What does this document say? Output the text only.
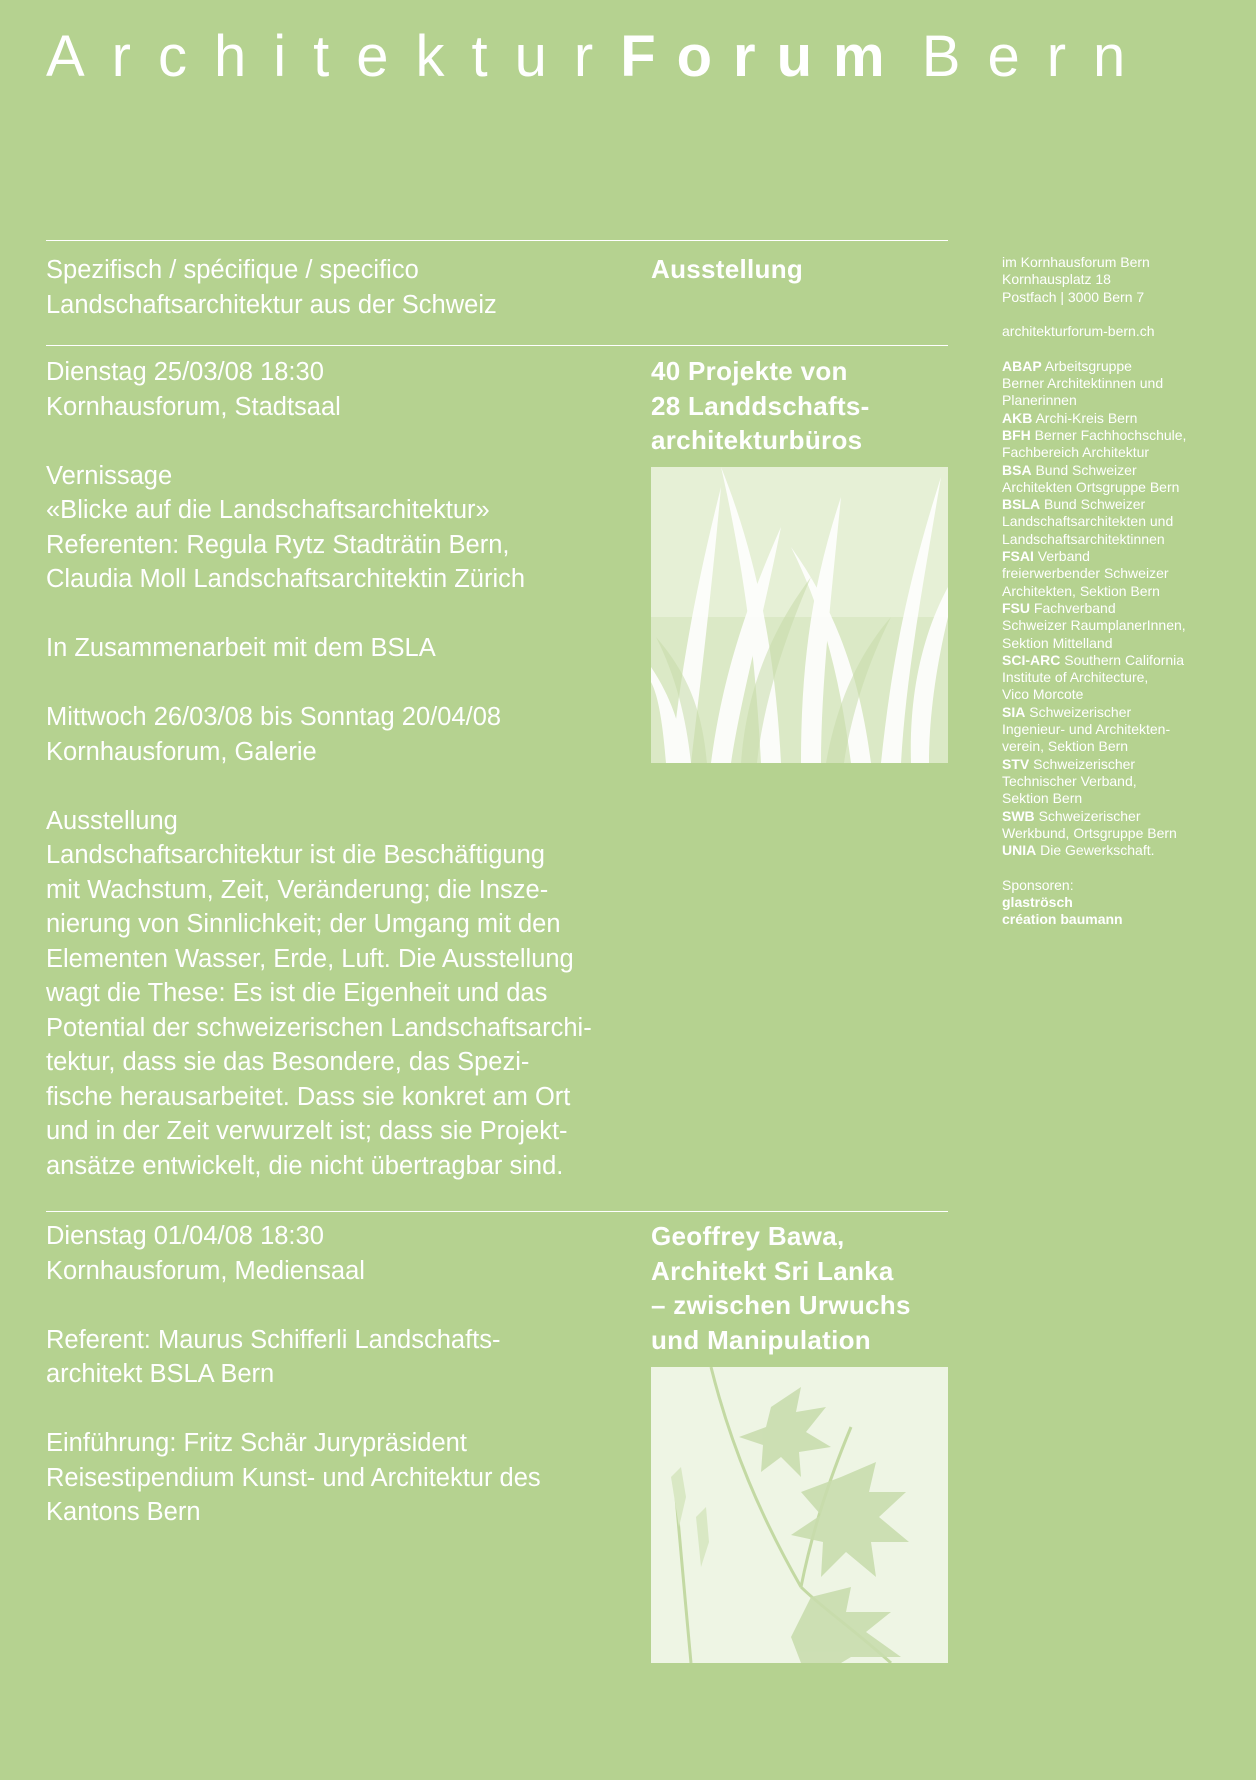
ArchitekturForum Bern

Spezifisch / spécifique / specifico

Landschaftsarchitektur aus der Schweiz

Ausstellung

Dienstag 25/03/08 18:30

Kornhausforum, Stadtsaal

Vernissage

«Blicke auf die Landschaftsarchitektur»

Referenten: Regula Rytz Stadträtin Bern,

Claudia Moll Landschaftsarchitektin Zürich

In Zusammenarbeit mit dem BSLA

Mittwoch 26/03/08 bis Sonntag 20/04/08

Kornhausforum, Galerie

Ausstellung

Landschaftsarchitektur ist die Beschäftigung

mit Wachstum, Zeit, Veränderung; die Insze-

nierung von Sinnlichkeit; der Umgang mit den

Elementen Wasser, Erde, Luft. Die Ausstellung

wagt die These: Es ist die Eigenheit und das

Potential der schweizerischen Landschaftsarchi-

tektur, dass sie das Besondere, das Spezi-

fische herausarbeitet. Dass sie konkret am Ort

und in der Zeit verwurzelt ist; dass sie Projekt-

ansätze entwickelt, die nicht übertragbar sind.

40 Projekte von
28 Landdschafts-
architekturbüros

Dienstag 01/04/08 18:30

Kornhausforum, Mediensaal

Referent: Maurus Schifferli Landschafts-

architekt BSLA Bern

Einführung: Fritz Schär Jurypräsident

Reisestipendium Kunst- und Architektur des

Kantons Bern

Geoffrey Bawa,
Architekt Sri Lanka
– zwischen Urwuchs
und Manipulation
im Kornhausforum Bern
Kornhausplatz 18
Postfach | 3000 Bern 7
architekturforum-bern.ch
ABAP Arbeitsgruppe
Berner Architektinnen und
Planerinnen
AKB Archi-Kreis Bern
BFH Berner Fachhochschule,
Fachbereich Architektur
BSA Bund Schweizer
Architekten Ortsgruppe Bern
BSLA Bund Schweizer
Landschaftsarchitekten und
Landschaftsarchitektinnen
FSAI Verband
freierwerbender Schweizer
Architekten, Sektion Bern
FSU Fachverband
Schweizer RaumplanerInnen,
Sektion Mittelland
SCI-ARC Southern California
Institute of Architecture,
Vico Morcote
SIA Schweizerischer
Ingenieur- und Architekten-
verein, Sektion Bern
STV Schweizerischer
Technischer Verband,
Sektion Bern
SWB Schweizerischer
Werkbund, Ortsgruppe Bern
UNIA Die Gewerkschaft.
Sponsoren:
glaströsch
création baumann
